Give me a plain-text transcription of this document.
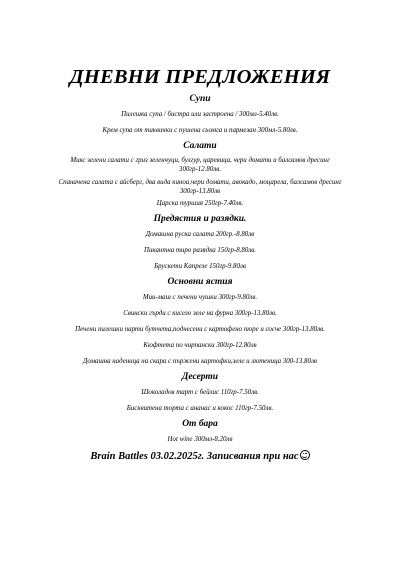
ДНЕВНИ ПРЕДЛОЖЕНИЯ
Супи
Пилешка супа / бистра или застроена / 300мл-5.40лв.
Крем супа от тиквички с пушена сьомга и пармезан 300мл-5.80лв.
Салати
Микс зелени салати с гриз зеленчуци, булгур, царевица, чери домати и балсамов дресинг 300гр-12.80лв.
Спаначена салата с айсберг, два вида киноа,чери домати, авокадо, моцарела, балсамов дресинг 300гр-13.80лв
Царска туршия 250гр-7.40лв.
Предястия и разядки.
Домашна руска салата 200гр.-8.80лв
Пикантна тиро разядка 150гр-8.80лв.
Брускети Капрезе 150гр-9.80лв
Основни ястия
Мии-маш с печени чушки 300гр-9.80лв.
Свински гърди с кисело зеле на фурна 300гр-13.80лв.
Печени пилешки парти бутчета,поднесени с картофено пюре и сосче 300гр-13.80лв.
Кюфтета по чирпански 300гр-12.80лв
Домашна наденица на скара с пържени картофки,зеле и лютеница 300-13.80лв
Десерти
Шоколадов тарт с бейлис 110гр-7.50лв.
Бисквитена торта с ананас и кокос 110гр-7.50лв.
От бара
Hot wine 300мл-8.20лв
Brain Battles 03.02.2025г. Записвания при нас
